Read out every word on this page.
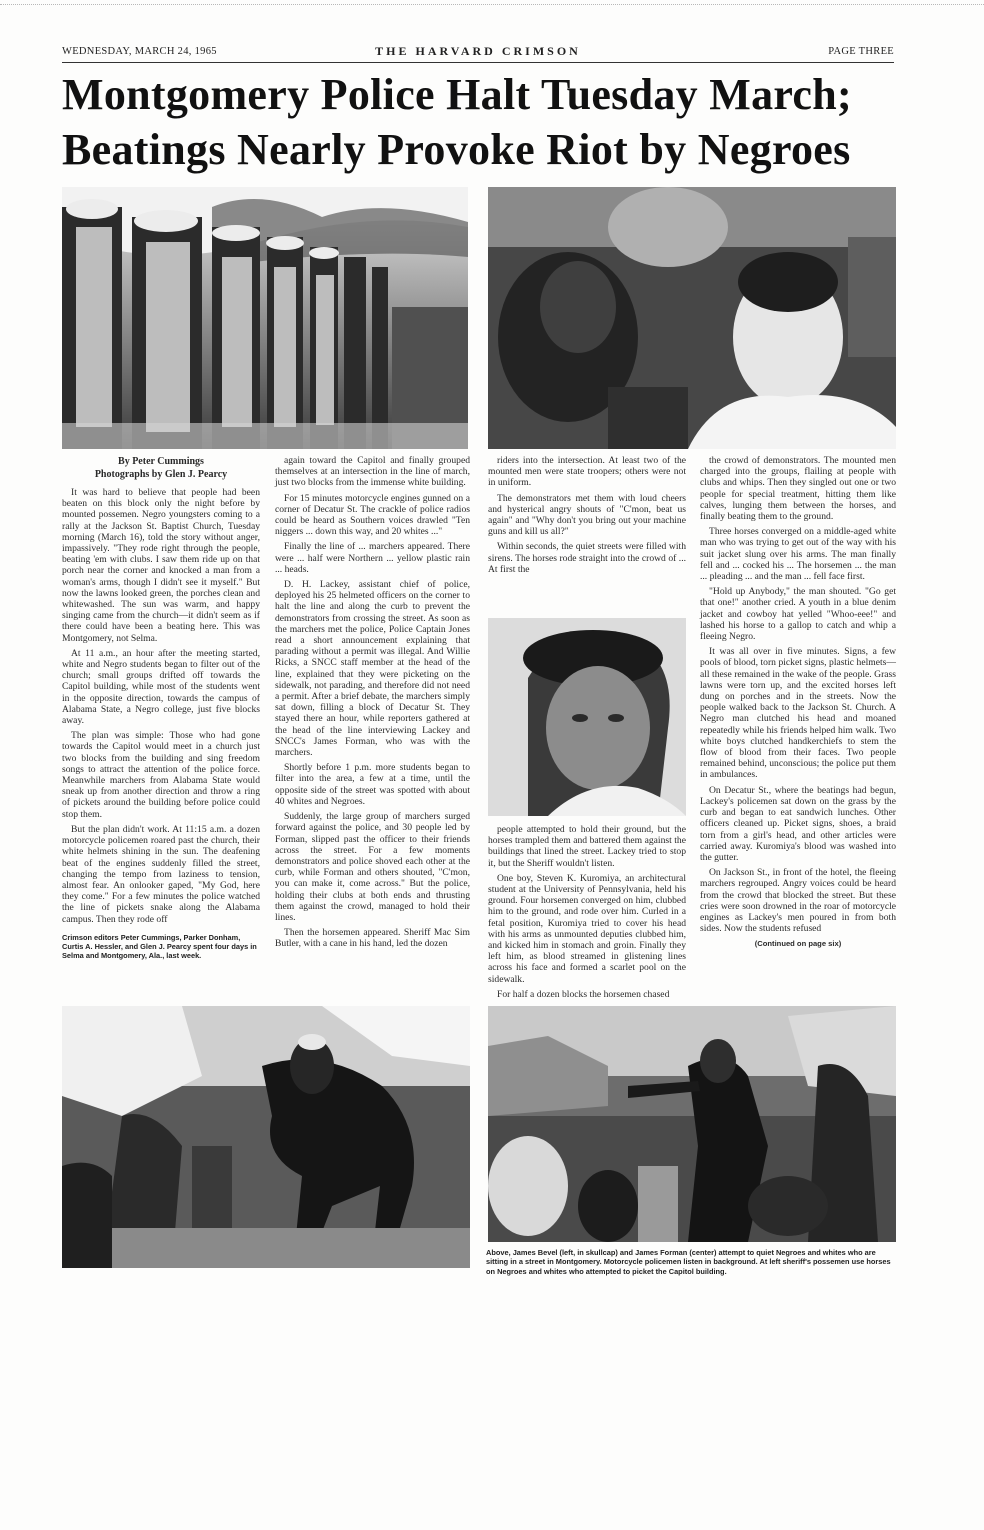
WEDNESDAY, MARCH 24, 1965	THE HARVARD CRIMSON	PAGE THREE
Montgomery Police Halt Tuesday March;
Beatings Nearly Provoke Riot by Negroes
By Peter Cummings
Photographs by Glen J. Pearcy

It was hard to believe that people had been beaten on this block only the night before by mounted possemen. Negro youngsters coming to a rally at the Jackson St. Baptist Church, Tuesday morning (March 16), told the story without anger, impassively. "They rode right through the people, beating 'em with clubs. I saw them ride up on that porch near the corner and knocked a man from a woman's arms, though I didn't see it myself." But now the lawns looked green, the porches clean and whitewashed. The sun was warm, and happy singing came from the church—it didn't seem as if there could have been a beating here. This was Montgomery, not Selma.

At 11 a.m., an hour after the meeting started, white and Negro students began to filter out of the church; small groups drifted off towards the Capitol building, while most of the students went in the opposite direction, towards the campus of Alabama State, a Negro college, just five blocks away.

The plan was simple: Those who had gone towards the Capitol would meet in a church just two blocks from the building and sing freedom songs to attract the attention of the police force. Meanwhile marchers from Alabama State would sneak up from another direction and throw a ring of pickets around the building before police could stop them.

But the plan didn't work. At 11:15 a.m. a dozen motorcycle policemen roared past the church, their white helmets shining in the sun. The deafening beat of the engines suddenly filled the street, changing the tempo from laziness to tension, almost fear. An onlooker gaped, "My God, here they come." For a few minutes the police watched the line of pickets snake along the Alabama campus. Then they rode off

Crimson editors Peter Cummings, Parker Donham, Curtis A. Hessler, and Glen J. Pearcy spent four days in Selma and Montgomery, Ala., last week.

again toward the Capitol and finally grouped themselves at an intersection in the line of march, just two blocks from the immense white building.

For 15 minutes motorcycle engines gunned on a corner of Decatur St. The crackle of police radios could be heard as Southern voices drawled "Ten niggers ... down this way, and 20 whites ..."

Finally the line of ... marchers appeared. There were ... half were Northern ... yellow plastic rain ... heads.

D. H. Lackey, assistant chief of police, deployed his 25 helmeted officers on the corner to halt the line and along the curb to prevent the demonstrators from crossing the street. As soon as the marchers met the police, Police Captain Jones read a short announcement explaining that parading without a permit was illegal. And Willie Ricks, a SNCC staff member at the head of the line, explained that they were picketing on the sidewalk, not parading, and therefore did not need a permit. After a brief debate, the marchers simply sat down, filling a block of Decatur St. They stayed there an hour, while reporters gathered at the head of the line interviewing Lackey and SNCC's James Forman, who was with the marchers.

Shortly before 1 p.m. more students began to filter into the area, a few at a time, until the opposite side of the street was spotted with about 40 whites and Negroes.

Suddenly, the large group of marchers surged forward against the police, and 30 people led by Forman, slipped past the officer to their friends across the street. For a few moments demonstrators and police shoved each other at the curb, while Forman and others shouted, "C'mon, you can make it, come across." But the police, holding their clubs at both ends and thrusting them against the crowd, managed to hold their lines.

Then the horsemen appeared. Sheriff Mac Sim Butler, with a cane in his hand, led the dozen

riders into the intersection. At least two of the mounted men were state troopers; others were not in uniform.

The demonstrators met them with loud cheers and hysterical angry shouts of "C'mon, beat us again" and "Why don't you bring out your machine guns and kill us all?"

Within seconds, the quiet streets were filled with sirens. The horses rode straight into the crowd of ... At first the

people attempted to hold their ground, but the horses trampled them and battered them against the buildings that lined the street. Lackey tried to stop it, but the Sheriff wouldn't listen.

One boy, Steven K. Kuromiya, an architectural student at the University of Pennsylvania, held his ground. Four horsemen converged on him, clubbed him to the ground, and rode over him. Curled in a fetal position, Kuromiya tried to cover his head with his arms as unmounted deputies clubbed him, and kicked him in stomach and groin. Finally they left him, as blood streamed in glistening lines across his face and formed a scarlet pool on the sidewalk.

For half a dozen blocks the horsemen chased

the crowd of demonstrators. The mounted men charged into the groups, flailing at people with clubs and whips. Then they singled out one or two people for special treatment, hitting them like calves, lunging them between the horses, and finally beating them to the ground.

Three horses converged on a middle-aged white man who was trying to get out of the way with his suit jacket slung over his arms. The man finally fell and ... cocked his ... The horsemen ... the man ... pleading ... and the man ... fell face first.

"Hold up Anybody," the man shouted. "Go get that one!" another cried. A youth in a blue denim jacket and cowboy hat yelled "Whoo-eee!" and lashed his horse to a gallop to catch and whip a fleeing Negro.

It was all over in five minutes. Signs, a few pools of blood, torn picket signs, plastic helmets—all these remained in the wake of the people. Grass lawns were torn up, and the excited horses left dung on porches and in the streets. Now the people walked back to the Jackson St. Church. A Negro man clutched his head and moaned repeatedly while his friends helped him walk. Two white boys clutched handkerchiefs to stem the flow of blood from their faces. Two people remained behind, unconscious; the police put them in ambulances.

On Decatur St., where the beatings had begun, Lackey's policemen sat down on the grass by the curb and began to eat sandwich lunches. Other officers cleaned up. Picket signs, shoes, a braid torn from a girl's head, and other articles were carried away. Kuromiya's blood was washed into the gutter.

On Jackson St., in front of the hotel, the fleeing marchers regrouped. Angry voices could be heard from the crowd that blocked the street. But these cries were soon drowned in the roar of motorcycle engines as Lackey's men poured in from both sides. Now the students refused

(Continued on page six)
Above, James Bevel (left, in skullcap) and James Forman (center) attempt to quiet Negroes and whites who are sitting in a street in Montgomery. Motorcycle policemen listen in background. At left sheriff's possemen use horses on Negroes and whites who attempted to picket the Capitol building.
